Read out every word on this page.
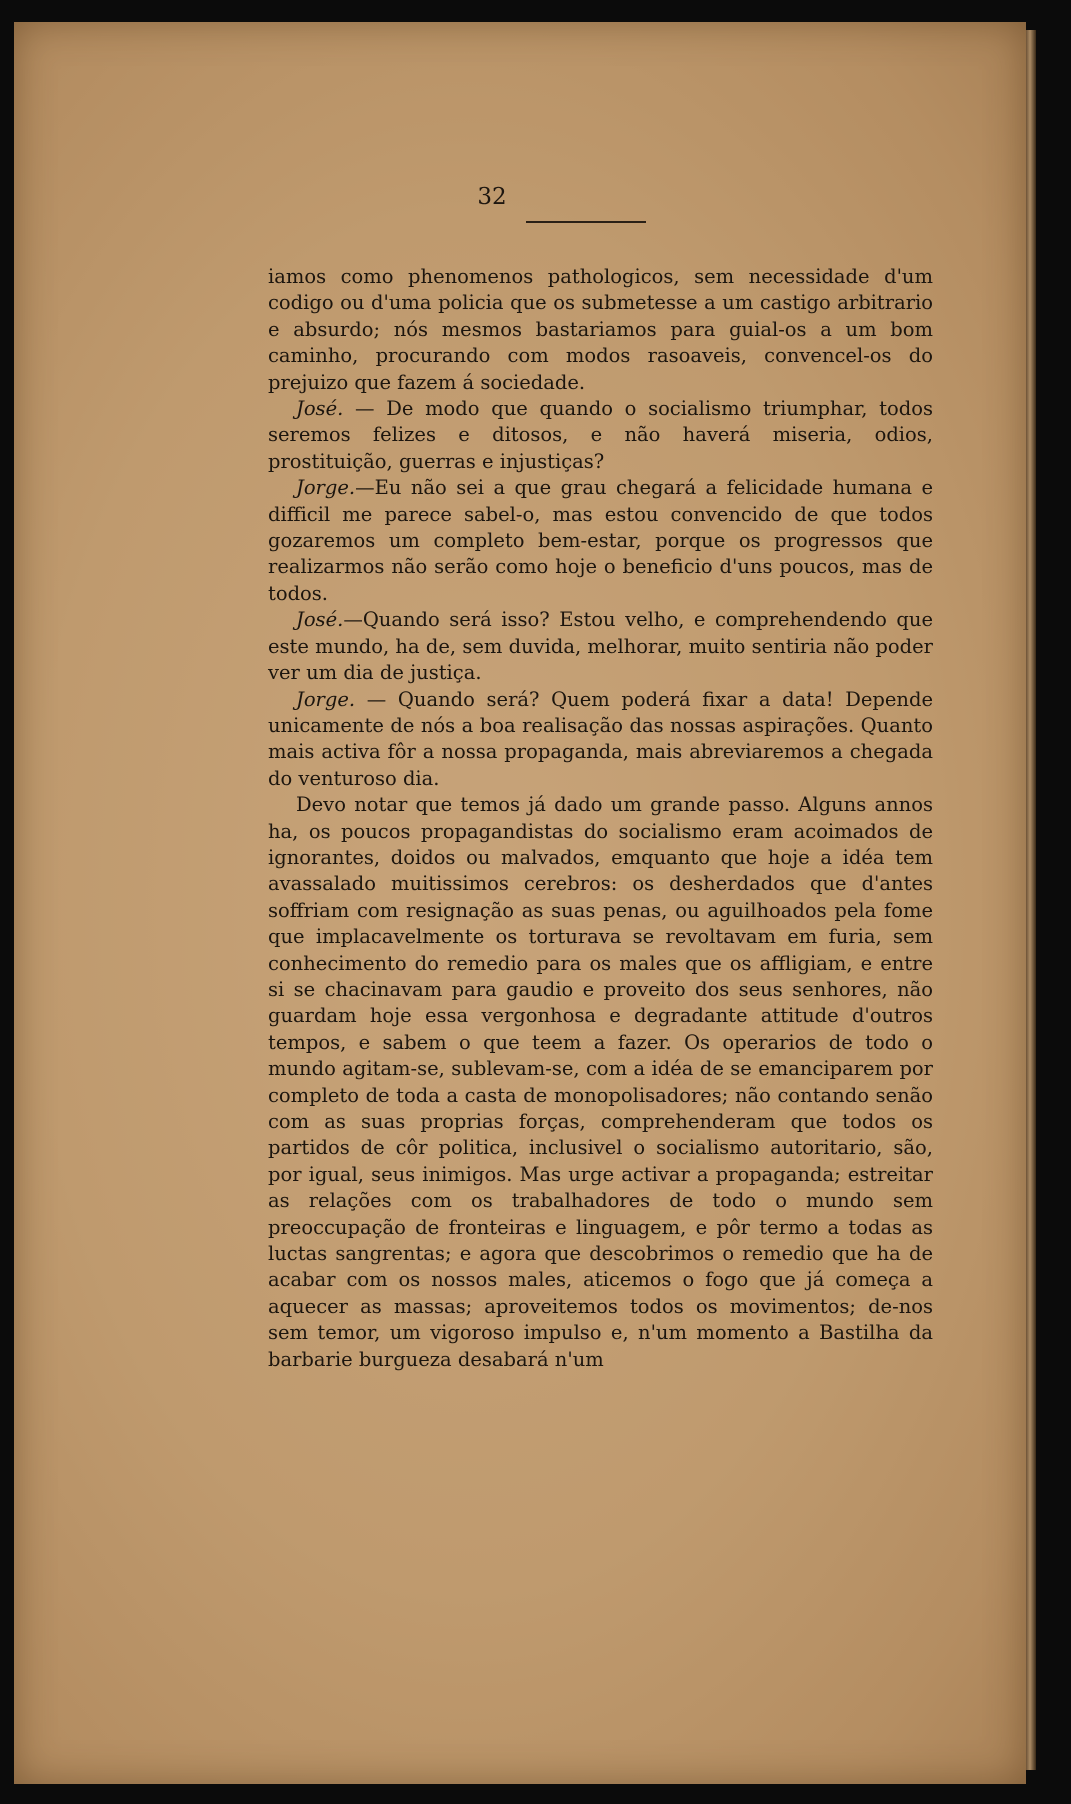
32

iamos como phenomenos pathologicos, sem necessidade d'um codigo ou d'uma policia que os submetesse a um castigo arbitrario e absurdo; nós mesmos bastariamos para guial-os a um bom caminho, procurando com modos rasoaveis, convencel-os do prejuizo que fazem á sociedade.

José. — De modo que quando o socialismo triumphar, todos seremos felizes e ditosos, e não haverá miseria, odios, prostituição, guerras e injustiças?

Jorge.—Eu não sei a que grau chegará a felicidade humana e difficil me parece sabel-o, mas estou convencido de que todos gozaremos um completo bem-estar, porque os progressos que realizarmos não serão como hoje o beneficio d'uns poucos, mas de todos.

José.—Quando será isso? Estou velho, e comprehendendo que este mundo, ha de, sem duvida, melhorar, muito sentiria não poder ver um dia de justiça.

Jorge. — Quando será? Quem poderá fixar a data! Depende unicamente de nós a boa realisação das nossas aspirações. Quanto mais activa fôr a nossa propaganda, mais abreviaremos a chegada do venturoso dia.

Devo notar que temos já dado um grande passo. Alguns annos ha, os poucos propagandistas do socialismo eram acoimados de ignorantes, doidos ou malvados, emquanto que hoje a idéa tem avassalado muitissimos cerebros: os desherdados que d'antes soffriam com resignação as suas penas, ou aguilhoados pela fome que implacavelmente os torturava se revoltavam em furia, sem conhecimento do remedio para os males que os affligiam, e entre si se chacinavam para gaudio e proveito dos seus senhores, não guardam hoje essa vergonhosa e degradante attitude d'outros tempos, e sabem o que teem a fazer. Os operarios de todo o mundo agitam-se, sublevam-se, com a idéa de se emanciparem por completo de toda a casta de monopolisadores; não contando senão com as suas proprias forças, comprehenderam que todos os partidos de côr politica, inclusivel o socialismo autoritario, são, por igual, seus inimigos. Mas urge activar a propaganda; estreitar as relações com os trabalhadores de todo o mundo sem preoccupação de fronteiras e linguagem, e pôr termo a todas as luctas sangrentas; e agora que descobrimos o remedio que ha de acabar com os nossos males, aticemos o fogo que já começa a aquecer as massas; aproveitemos todos os movimentos; de-nos sem temor, um vigoroso impulso e, n'um momento a Bastilha da barbarie burgueza desabará n'um
